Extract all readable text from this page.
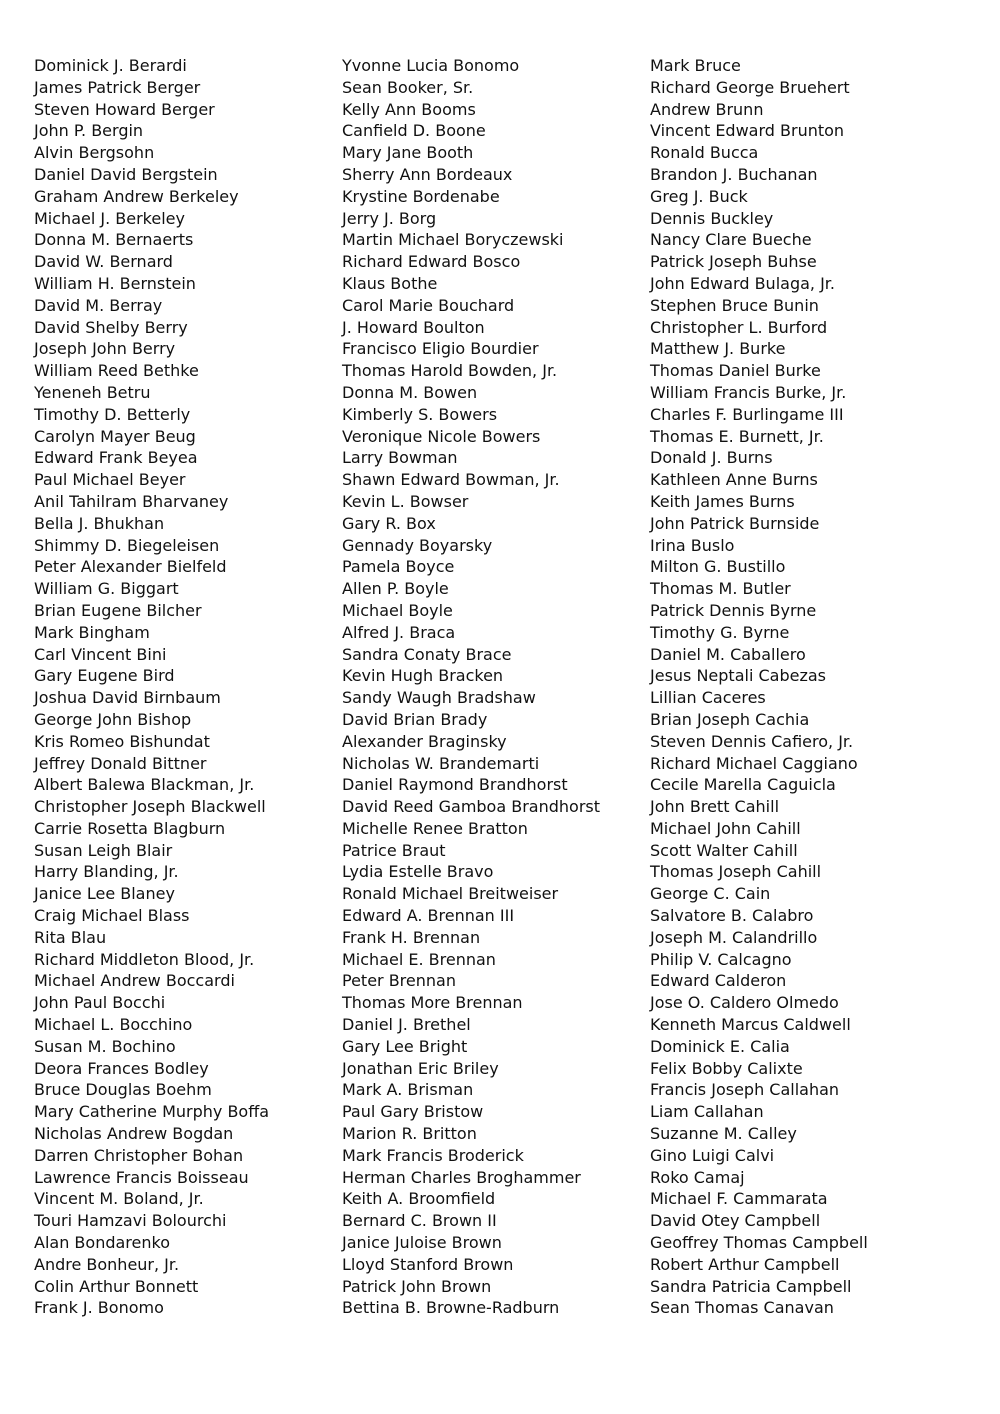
Dominick J. Berardi
James Patrick Berger
Steven Howard Berger
John P. Bergin
Alvin Bergsohn
Daniel David Bergstein
Graham Andrew Berkeley
Michael J. Berkeley
Donna M. Bernaerts
David W. Bernard
William H. Bernstein
David M. Berray
David Shelby Berry
Joseph John Berry
William Reed Bethke
Yeneneh Betru
Timothy D. Betterly
Carolyn Mayer Beug
Edward Frank Beyea
Paul Michael Beyer
Anil Tahilram Bharvaney
Bella J. Bhukhan
Shimmy D. Biegeleisen
Peter Alexander Bielfeld
William G. Biggart
Brian Eugene Bilcher
Mark Bingham
Carl Vincent Bini
Gary Eugene Bird
Joshua David Birnbaum
George John Bishop
Kris Romeo Bishundat
Jeffrey Donald Bittner
Albert Balewa Blackman, Jr.
Christopher Joseph Blackwell
Carrie Rosetta Blagburn
Susan Leigh Blair
Harry Blanding, Jr.
Janice Lee Blaney
Craig Michael Blass
Rita Blau
Richard Middleton Blood, Jr.
Michael Andrew Boccardi
John Paul Bocchi
Michael L. Bocchino
Susan M. Bochino
Deora Frances Bodley
Bruce Douglas Boehm
Mary Catherine Murphy Boffa
Nicholas Andrew Bogdan
Darren Christopher Bohan
Lawrence Francis Boisseau
Vincent M. Boland, Jr.
Touri Hamzavi Bolourchi
Alan Bondarenko
Andre Bonheur, Jr.
Colin Arthur Bonnett
Frank J. Bonomo
Yvonne Lucia Bonomo
Sean Booker, Sr.
Kelly Ann Booms
Canfield D. Boone
Mary Jane Booth
Sherry Ann Bordeaux
Krystine Bordenabe
Jerry J. Borg
Martin Michael Boryczewski
Richard Edward Bosco
Klaus Bothe
Carol Marie Bouchard
J. Howard Boulton
Francisco Eligio Bourdier
Thomas Harold Bowden, Jr.
Donna M. Bowen
Kimberly S. Bowers
Veronique Nicole Bowers
Larry Bowman
Shawn Edward Bowman, Jr.
Kevin L. Bowser
Gary R. Box
Gennady Boyarsky
Pamela Boyce
Allen P. Boyle
Michael Boyle
Alfred J. Braca
Sandra Conaty Brace
Kevin Hugh Bracken
Sandy Waugh Bradshaw
David Brian Brady
Alexander Braginsky
Nicholas W. Brandemarti
Daniel Raymond Brandhorst
David Reed Gamboa Brandhorst
Michelle Renee Bratton
Patrice Braut
Lydia Estelle Bravo
Ronald Michael Breitweiser
Edward A. Brennan III
Frank H. Brennan
Michael E. Brennan
Peter Brennan
Thomas More Brennan
Daniel J. Brethel
Gary Lee Bright
Jonathan Eric Briley
Mark A. Brisman
Paul Gary Bristow
Marion R. Britton
Mark Francis Broderick
Herman Charles Broghammer
Keith A. Broomfield
Bernard C. Brown II
Janice Juloise Brown
Lloyd Stanford Brown
Patrick John Brown
Bettina B. Browne-Radburn
Mark Bruce
Richard George Bruehert
Andrew Brunn
Vincent Edward Brunton
Ronald Bucca
Brandon J. Buchanan
Greg J. Buck
Dennis Buckley
Nancy Clare Bueche
Patrick Joseph Buhse
John Edward Bulaga, Jr.
Stephen Bruce Bunin
Christopher L. Burford
Matthew J. Burke
Thomas Daniel Burke
William Francis Burke, Jr.
Charles F. Burlingame III
Thomas E. Burnett, Jr.
Donald J. Burns
Kathleen Anne Burns
Keith James Burns
John Patrick Burnside
Irina Buslo
Milton G. Bustillo
Thomas M. Butler
Patrick Dennis Byrne
Timothy G. Byrne
Daniel M. Caballero
Jesus Neptali Cabezas
Lillian Caceres
Brian Joseph Cachia
Steven Dennis Cafiero, Jr.
Richard Michael Caggiano
Cecile Marella Caguicla
John Brett Cahill
Michael John Cahill
Scott Walter Cahill
Thomas Joseph Cahill
George C. Cain
Salvatore B. Calabro
Joseph M. Calandrillo
Philip V. Calcagno
Edward Calderon
Jose O. Caldero Olmedo
Kenneth Marcus Caldwell
Dominick E. Calia
Felix Bobby Calixte
Francis Joseph Callahan
Liam Callahan
Suzanne M. Calley
Gino Luigi Calvi
Roko Camaj
Michael F. Cammarata
David Otey Campbell
Geoffrey Thomas Campbell
Robert Arthur Campbell
Sandra Patricia Campbell
Sean Thomas Canavan
